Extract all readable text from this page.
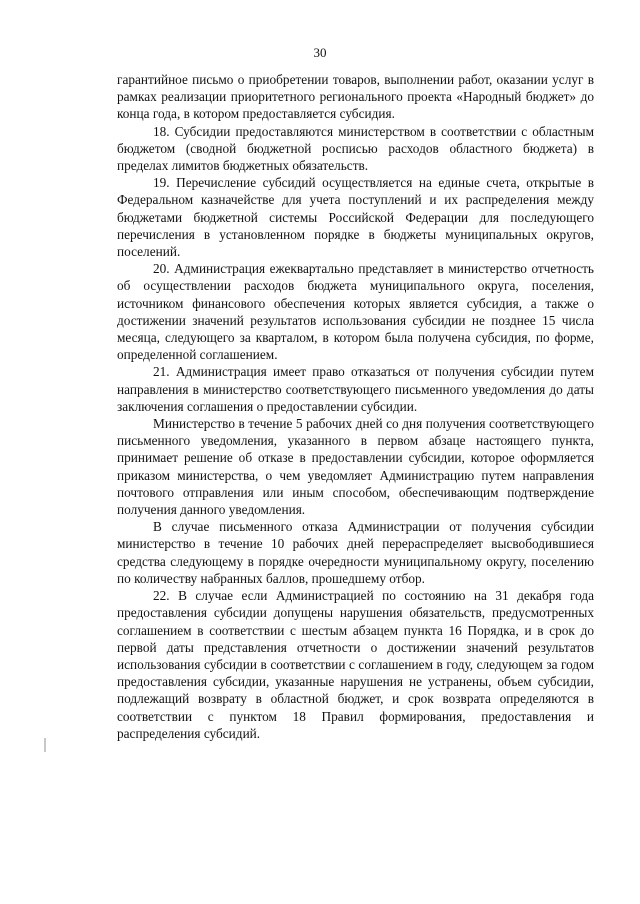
30

гарантийное письмо о приобретении товаров, выполнении работ, оказании услуг в рамках реализации приоритетного регионального проекта «Народный бюджет» до конца года, в котором предоставляется субсидия.

18. Субсидии предоставляются министерством в соответствии с областным бюджетом (сводной бюджетной росписью расходов областного бюджета) в пределах лимитов бюджетных обязательств.

19. Перечисление субсидий осуществляется на единые счета, открытые в Федеральном казначействе для учета поступлений и их распределения между бюджетами бюджетной системы Российской Федерации для последующего перечисления в установленном порядке в бюджеты муниципальных округов, поселений.

20. Администрация ежеквартально представляет в министерство отчетность об осуществлении расходов бюджета муниципального округа, поселения, источником финансового обеспечения которых является субсидия, а также о достижении значений результатов использования субсидии не позднее 15 числа месяца, следующего за кварталом, в котором была получена субсидия, по форме, определенной соглашением.

21. Администрация имеет право отказаться от получения субсидии путем направления в министерство соответствующего письменного уведомления до даты заключения соглашения о предоставлении субсидии.

Министерство в течение 5 рабочих дней со дня получения соответствующего письменного уведомления, указанного в первом абзаце настоящего пункта, принимает решение об отказе в предоставлении субсидии, которое оформляется приказом министерства, о чем уведомляет Администрацию путем направления почтового отправления или иным способом, обеспечивающим подтверждение получения данного уведомления.

В случае письменного отказа Администрации от получения субсидии министерство в течение 10 рабочих дней перераспределяет высвободившиеся средства следующему в порядке очередности муниципальному округу, поселению по количеству набранных баллов, прошедшему отбор.

22. В случае если Администрацией по состоянию на 31 декабря года предоставления субсидии допущены нарушения обязательств, предусмотренных соглашением в соответствии с шестым абзацем пункта 16 Порядка, и в срок до первой даты представления отчетности о достижении значений результатов использования субсидии в соответствии с соглашением в году, следующем за годом предоставления субсидии, указанные нарушения не устранены, объем субсидии, подлежащий возврату в областной бюджет, и срок возврата определяются в соответствии с пунктом 18 Правил формирования, предоставления и распределения субсидий.
